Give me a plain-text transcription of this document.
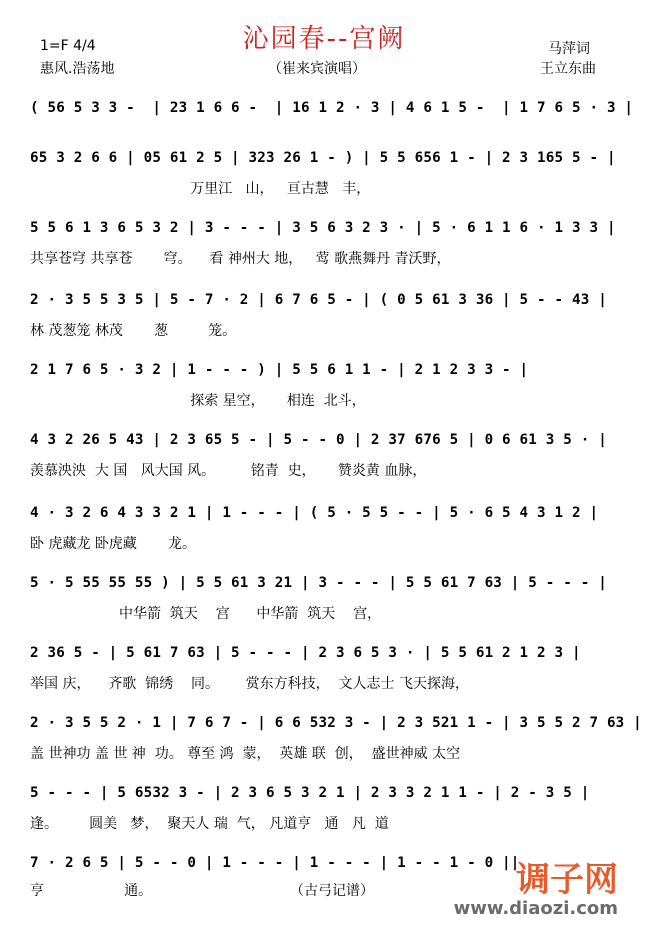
沁园春--宫阙
1=F 4/4
惠风.浩荡地	（崔来宾演唱）
马萍词
王立东曲
( 56 5 3 3 -  | 23 1 6 6 -  | 16 1 2 · 3 | 4 6 1 5 -  | 1 7 6 5 · 3 |
65 3 2 6 6 | 05 61 2 5 | 323 26 1 - ) | 5 5 656 1 - | 2 3 165 5 - |
万里江   山，   亘古慧   丰，
5 5 6 1 3 6 5 3 2 | 3 - - - | 3 5 6 3 2 3 · | 5 · 6 1 1 6 · 1 3 3 |
共享苍穹 共享苍       穹。    看 神州大 地，   莺 歌燕舞丹 青沃野，
2 · 3 5 5 3 5 | 5 - 7 · 2 | 6 7 6 5 - | ( 0 5 61 3 36 | 5 - - 43 |
林 茂葱笼 林茂       葱         笼。
2 1 7 6 5 · 3 2 | 1 - - - ) | 5 5 6 1 1 - | 2 1 2 3 3 - |
探索 星空，     相连  北斗，
4 3 2 26 5 43 | 2 3 65 5 - | 5 - - 0 | 2 37 676 5 | 0 6 61 3 5 · |
羡慕泱泱  大 国   风大国 风。        铭青  史，     赞炎黄 血脉，
4 · 3 2 6 4 3 3 2 1 | 1 - - - | ( 5 · 5 5 - - | 5 · 6 5 4 3 1 2 |
卧 虎藏龙 卧虎藏       龙。
5 · 5 55 55 55 ) | 5 5 61 3 21 | 3 - - - | 5 5 61 7 63 | 5 - - - |
中华箭  筑天    宫      中华箭  筑天    宫，
2 36 5 - | 5 61 7 63 | 5 - - - | 2 3 6 5 3 · | 5 5 61 2 1 2 3 |
举国 庆，    齐歌  锦绣    同。      赏东方科技，  文人志士 飞天探海，
2 · 3 5 5 2 · 1 | 7 6 7 - | 6 6 532 3 - | 2 3 521 1 - | 3 5 5 2 7 63 |
盖 世神功 盖 世 神  功。 尊至 鸿  蒙，  英雄 联  创，  盛世神威 太空
5 - - - | 5 6532 3 - | 2 3 6 5 3 2 1 | 2 3 3 2 1 1 - | 2 - 3 5 |
逢。       圆美   梦，  聚天人 瑞  气， 凡道亨   通   凡  道
7 · 2 6 5 | 5 - - 0 | 1 - - - | 1 - - - | 1 - - 1 - 0 ||
亨                  通。                               （古弓记谱）	调子网
www.diaozi.com
